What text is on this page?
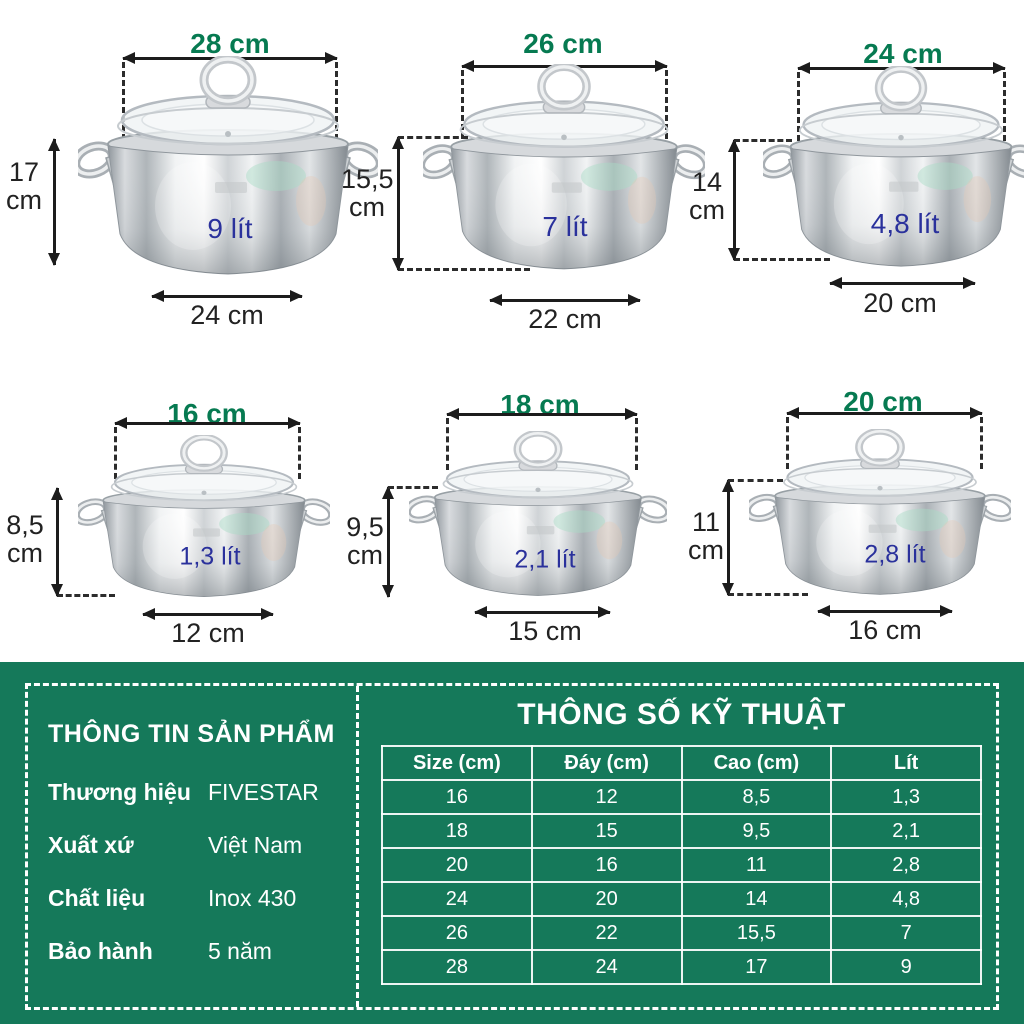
28 cm
17
cm
9 lít
24 cm
26 cm
15,5
cm
7 lít
22 cm
24 cm
14
cm	4,8 lít
20 cm
16 cm
8,5
cm	1,3 lít
12 cm
18 cm
9,5
cm	2,1 lít
15 cm
20 cm
11
cm	2,8 lít
16 cm
THÔNG TIN SẢN PHẨM
Thương hiệu FIVESTAR
Xuất xứ	Việt Nam
Chất liệu	Inox 430
Bảo hành	5 năm
THÔNG SỐ KỸ THUẬT
Size (cm)	Đáy (cm)	Cao (cm)	Lít
16	12	8,5	1,3
18	15	9,5	2,1
20	16	11	2,8
24	20	14	4,8
26	22	15,5	7
28	24	17	9
